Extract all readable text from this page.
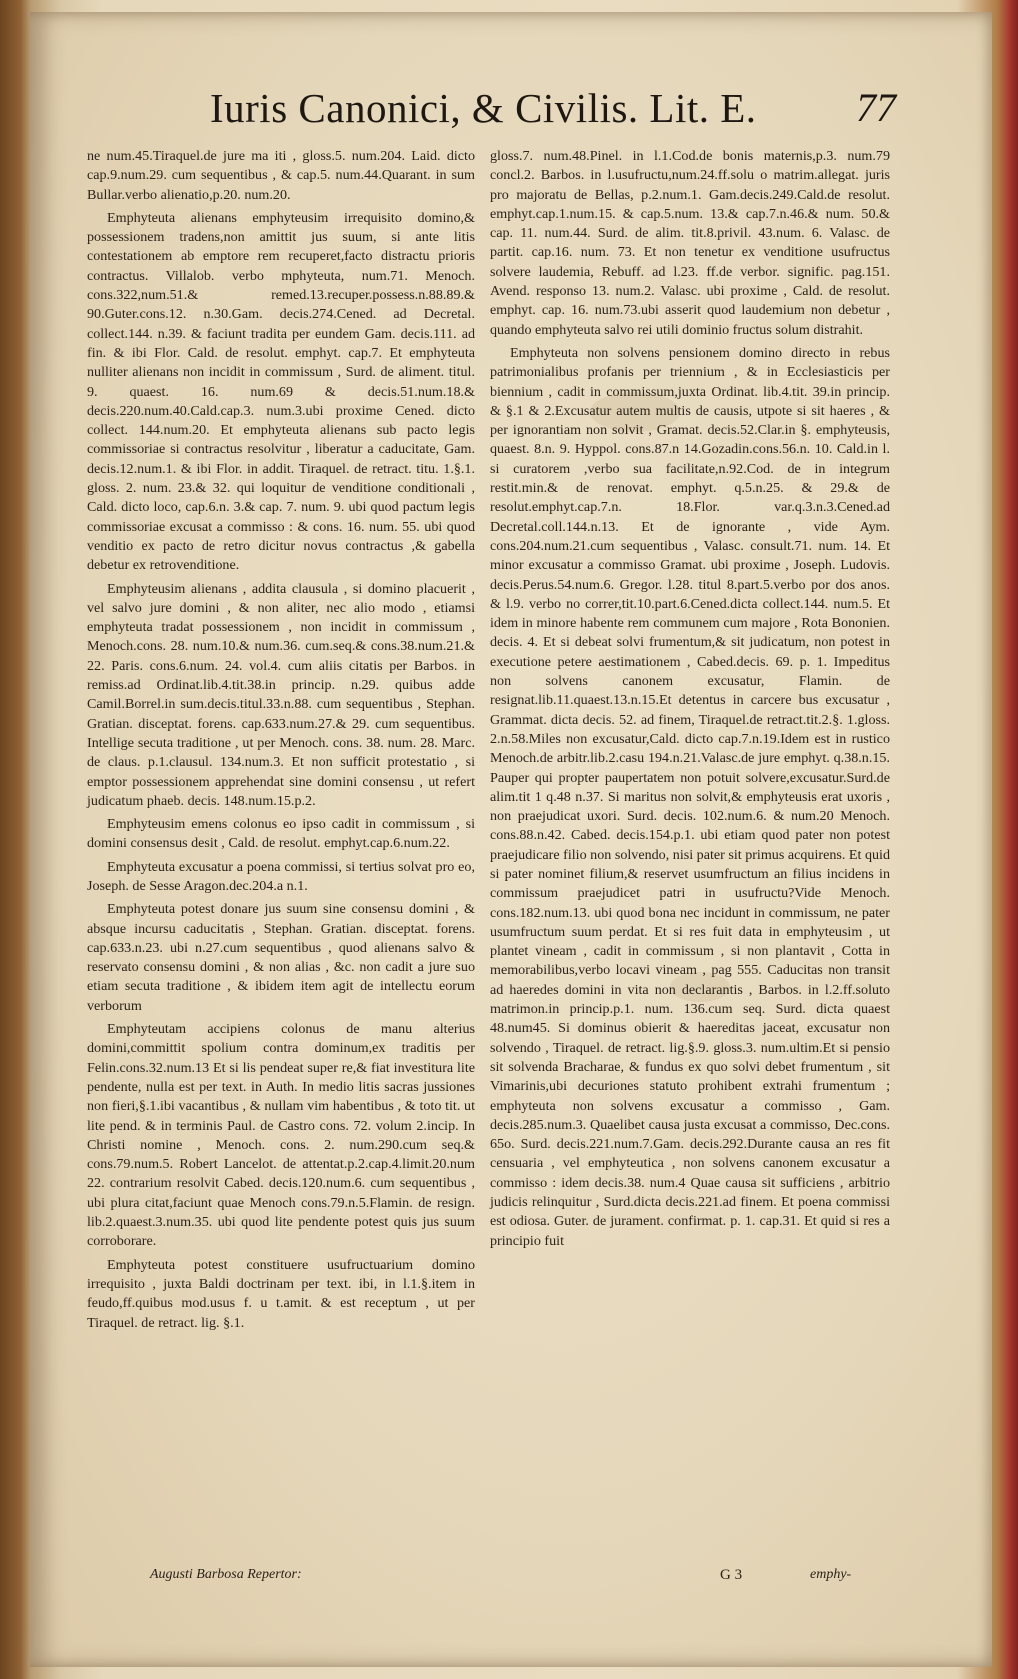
Iuris Canonici, & Civilis. Lit. E. 77

ne num.45.Tiraquel.de jure ma iti , gloss.5. num.204. Laid. dicto cap.9.num.29. cum sequentibus , & cap.5. num.44.Quarant. in sum Bullar.verbo alienatio,p.20. num.20.

Emphyteuta alienans emphyteusim irrequisito domino,& possessionem tradens,non amittit jus suum, si ante litis contestationem ab emptore rem recuperet,facto distractu prioris contractus. Villalob. verbo mphyteuta, num.71. Menoch. cons.322,num.51.& remed.13.recuper.possess.n.88.89.& 90.Guter.cons.12. n.30.Gam. decis.274.Cened. ad Decretal. collect.144. n.39. & faciunt tradita per eundem Gam. decis.111. ad fin. & ibi Flor. Cald. de resolut. emphyt. cap.7. Et emphyteuta nulliter alienans non incidit in commissum , Surd. de aliment. titul. 9. quaest. 16. num.69 & decis.51.num.18.& decis.220.num.40.Cald.cap.3. num.3.ubi proxime Cened. dicto collect. 144.num.20. Et emphyteuta alienans sub pacto legis commissoriae si contractus resolvitur , liberatur a caducitate, Gam. decis.12.num.1. & ibi Flor. in addit. Tiraquel. de retract. titu. 1.§.1. gloss. 2. num. 23.& 32. qui loquitur de venditione conditionali , Cald. dicto loco, cap.6.n. 3.& cap. 7. num. 9. ubi quod pactum legis commissoriae excusat a commisso : & cons. 16. num. 55. ubi quod venditio ex pacto de retro dicitur novus contractus ,& gabella debetur ex retrovenditione.

Emphyteusim alienans , addita clausula , si domino placuerit , vel salvo jure domini , & non aliter, nec alio modo , etiamsi emphyteuta tradat possessionem , non incidit in commissum , Menoch.cons. 28. num.10.& num.36. cum.seq.& cons.38.num.21.& 22. Paris. cons.6.num. 24. vol.4. cum aliis citatis per Barbos. in remiss.ad Ordinat.lib.4.tit.38.in princip. n.29. quibus adde Camil.Borrel.in sum.decis.titul.33.n.88. cum sequentibus , Stephan. Gratian. disceptat. forens. cap.633.num.27.& 29. cum sequentibus. Intellige secuta traditione , ut per Menoch. cons. 38. num. 28. Marc. de claus. p.1.clausul. 134.num.3. Et non sufficit protestatio , si emptor possessionem apprehendat sine domini consensu , ut refert judicatum phaeb. decis. 148.num.15.p.2.

Emphyteusim emens colonus eo ipso cadit in commissum , si domini consensus desit , Cald. de resolut. emphyt.cap.6.num.22.

Emphyteuta excusatur a poena commissi, si tertius solvat pro eo, Joseph. de Sesse Aragon.dec.204.a n.1.

Emphyteuta potest donare jus suum sine consensu domini , & absque incursu caducitatis , Stephan. Gratian. disceptat. forens. cap.633.n.23. ubi n.27.cum sequentibus , quod alienans salvo & reservato consensu domini , & non alias , &c. non cadit a jure suo etiam secuta traditione , & ibidem item agit de intellectu eorum verborum

Emphyteutam accipiens colonus de manu alterius domini,committit spolium contra dominum,ex traditis per Felin.cons.32.num.13 Et si lis pendeat super re,& fiat investitura lite pendente, nulla est per text. in Auth. In medio litis sacras jussiones non fieri,§.1.ibi vacantibus , & nullam vim habentibus , & toto tit. ut lite pend. & in terminis Paul. de Castro cons. 72. volum 2.incip. In Christi nomine , Menoch. cons. 2. num.290.cum seq.& cons.79.num.5. Robert Lancelot. de attentat.p.2.cap.4.limit.20.num 22. contrarium resolvit Cabed. decis.120.num.6. cum sequentibus , ubi plura citat,faciunt quae Menoch cons.79.n.5.Flamin. de resign. lib.2.quaest.3.num.35. ubi quod lite pendente potest quis jus suum corroborare.

Emphyteuta potest constituere usufructuarium domino irrequisito , juxta Baldi doctrinam per text. ibi, in l.1.§.item in feudo,ff.quibus mod.usus f. u t.amit. & est receptum , ut per Tiraquel. de retract. lig. §.1.

gloss.7. num.48.Pinel. in l.1.Cod.de bonis maternis,p.3. num.79 concl.2. Barbos. in l.usufructu,num.24.ff.solu o matrim.allegat. juris pro majoratu de Bellas, p.2.num.1. Gam.decis.249.Cald.de resolut. emphyt.cap.1.num.15. & cap.5.num. 13.& cap.7.n.46.& num. 50.& cap. 11. num.44. Surd. de alim. tit.8.privil. 43.num. 6. Valasc. de partit. cap.16. num. 73. Et non tenetur ex venditione usufructus solvere laudemia, Rebuff. ad l.23. ff.de verbor. signific. pag.151. Avend. responso 13. num.2. Valasc. ubi proxime , Cald. de resolut. emphyt. cap. 16. num.73.ubi asserit quod laudemium non debetur , quando emphyteuta salvo rei utili dominio fructus solum distrahit.

Emphyteuta non solvens pensionem domino directo in rebus patrimonialibus profanis per triennium , & in Ecclesiasticis per biennium , cadit in commissum,juxta Ordinat. lib.4.tit. 39.in princip. & §.1 & 2.Excusatur autem multis de causis, utpote si sit haeres , & per ignorantiam non solvit , Gramat. decis.52.Clar.in §. emphyteusis, quaest. 8.n. 9. Hyppol. cons.87.n 14.Gozadin.cons.56.n. 10. Cald.in l. si curatorem ,verbo sua facilitate,n.92.Cod. de in integrum restit.min.& de renovat. emphyt. q.5.n.25. & 29.& de resolut.emphyt.cap.7.n. 18.Flor. var.q.3.n.3.Cened.ad Decretal.coll.144.n.13. Et de ignorante , vide Aym. cons.204.num.21.cum sequentibus , Valasc. consult.71. num. 14. Et minor excusatur a commisso Gramat. ubi proxime , Joseph. Ludovis. decis.Perus.54.num.6. Gregor. l.28. titul 8.part.5.verbo por dos anos. & l.9. verbo no correr,tit.10.part.6.Cened.dicta collect.144. num.5. Et idem in minore habente rem communem cum majore , Rota Bononien. decis. 4. Et si debeat solvi frumentum,& sit judicatum, non potest in executione petere aestimationem , Cabed.decis. 69. p. 1. Impeditus non solvens canonem excusatur, Flamin. de resignat.lib.11.quaest.13.n.15.Et detentus in carcere bus excusatur , Grammat. dicta decis. 52. ad finem, Tiraquel.de retract.tit.2.§. 1.gloss. 2.n.58.Miles non excusatur,Cald. dicto cap.7.n.19.Idem est in rustico Menoch.de arbitr.lib.2.casu 194.n.21.Valasc.de jure emphyt. q.38.n.15. Pauper qui propter paupertatem non potuit solvere,excusatur.Surd.de alim.tit 1 q.48 n.37. Si maritus non solvit,& emphyteusis erat uxoris , non praejudicat uxori. Surd. decis. 102.num.6. & num.20 Menoch. cons.88.n.42. Cabed. decis.154.p.1. ubi etiam quod pater non potest praejudicare filio non solvendo, nisi pater sit primus acquirens. Et quid si pater nominet filium,& reservet usumfructum an filius incidens in commissum praejudicet patri in usufructu?Vide Menoch. cons.182.num.13. ubi quod bona nec incidunt in commissum, ne pater usumfructum suum perdat. Et si res fuit data in emphyteusim , ut plantet vineam , cadit in commissum , si non plantavit , Cotta in memorabilibus,verbo locavi vineam , pag 555. Caducitas non transit ad haeredes domini in vita non declarantis , Barbos. in l.2.ff.soluto matrimon.in princip.p.1. num. 136.cum seq. Surd. dicta quaest 48.num45. Si dominus obierit & haereditas jaceat, excusatur non solvendo , Tiraquel. de retract. lig.§.9. gloss.3. num.ultim.Et si pensio sit solvenda Bracharae, & fundus ex quo solvi debet frumentum , sit Vimarinis,ubi decuriones statuto prohibent extrahi frumentum ; emphyteuta non solvens excusatur a commisso , Gam. decis.285.num.3. Quaelibet causa justa excusat a commisso, Dec.cons. 65o. Surd. decis.221.num.7.Gam. decis.292.Durante causa an res fit censuaria , vel emphyteutica , non solvens canonem excusatur a commisso : idem decis.38. num.4 Quae causa sit sufficiens , arbitrio judicis relinquitur , Surd.dicta decis.221.ad finem. Et poena commissi est odiosa. Guter. de jurament. confirmat. p. 1. cap.31. Et quid si res a principio fuit

Augusti Barbosa Repertor:	G 3	emphy-
